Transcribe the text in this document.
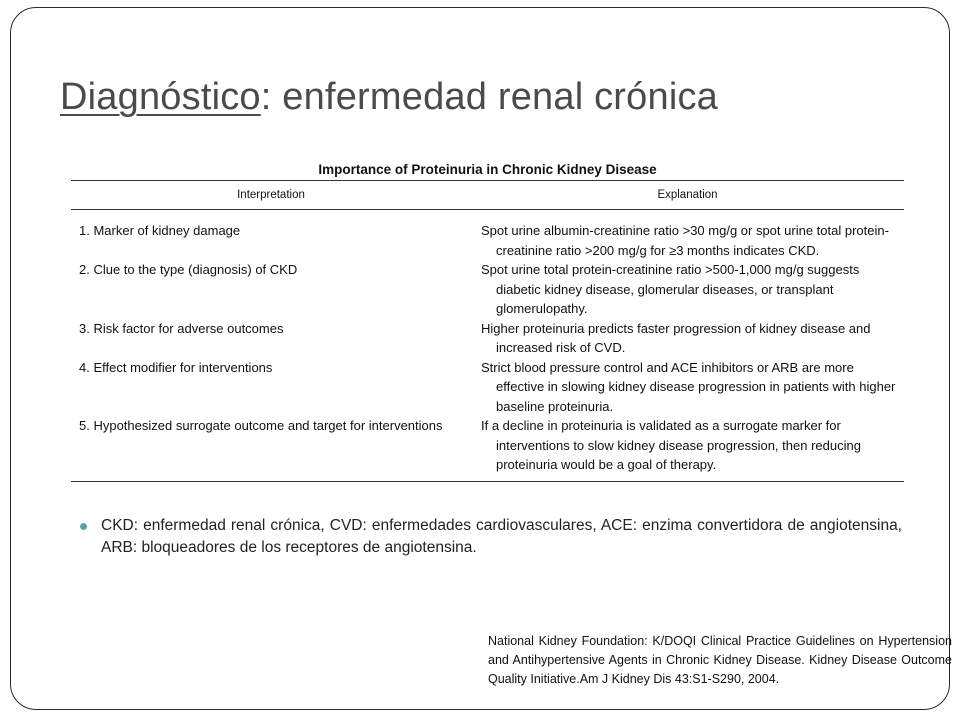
Diagnóstico: enfermedad renal crónica
Importance of Proteinuria in Chronic Kidney Disease
Interpretation	Explanation

1. Marker of kidney damage	Spot urine albumin-creatinine ratio >30 mg/g or spot urine total protein-creatinine ratio >200 mg/g for ≥3 months indicates CKD.

2. Clue to the type (diagnosis) of CKD	Spot urine total protein-creatinine ratio >500-1,000 mg/g suggests diabetic kidney disease, glomerular diseases, or transplant glomerulopathy.

3. Risk factor for adverse outcomes	Higher proteinuria predicts faster progression of kidney disease and increased risk of CVD.

4. Effect modifier for interventions	Strict blood pressure control and ACE inhibitors or ARB are more effective in slowing kidney disease progression in patients with higher baseline proteinuria.

5. Hypothesized surrogate outcome and target for interventions	If a decline in proteinuria is validated as a surrogate marker for interventions to slow kidney disease progression, then reducing proteinuria would be a goal of therapy.
CKD: enfermedad renal crónica, CVD: enfermedades cardiovasculares, ACE: enzima convertidora de angiotensina, ARB: bloqueadores de los receptores de angiotensina.
National Kidney Foundation: K/DOQI Clinical Practice Guidelines on Hypertension and Antihypertensive Agents in Chronic Kidney Disease. Kidney Disease Outcome Quality Initiative.Am J Kidney Dis 43:S1-S290, 2004.
